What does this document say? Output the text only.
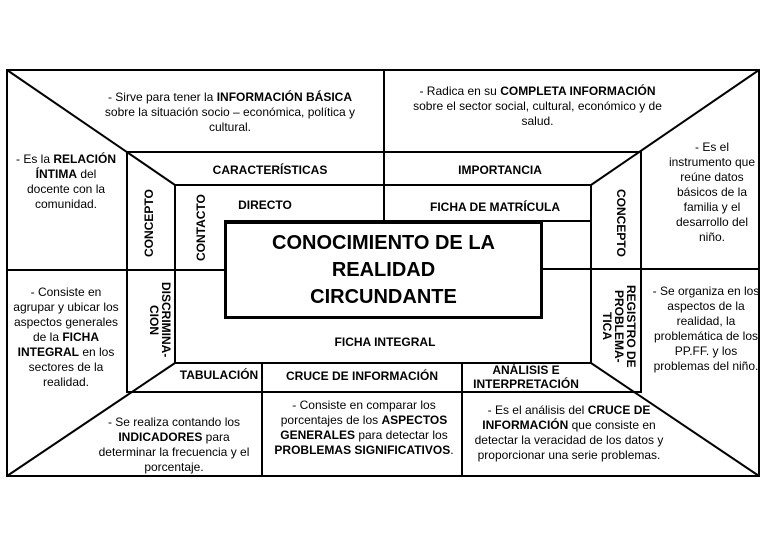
- Sirve para tener la INFORMACIÓN BÁSICA sobre la situación socio – económica, política y cultural.
- Radica en su COMPLETA INFORMACIÓN sobre el sector social, cultural, económico y de salud.
- Es la RELACIÓN ÍNTIMA del docente con la comunidad.
- Consiste en agrupar y ubicar los aspectos generales de la FICHA INTEGRAL en los sectores de la realidad.
- Es el instrumento que reúne datos básicos de la familia y el desarrollo del niño.
- Se organiza en los aspectos de la realidad, la problemática de los PP.FF. y los problemas del niño.
- Se realiza contando los INDICADORES para determinar la frecuencia y el porcentaje.
- Consiste en comparar los porcentajes de los ASPECTOS GENERALES para detectar los PROBLEMAS SIGNIFICATIVOS.
- Es el análisis del CRUCE DE INFORMACIÓN que consiste en detectar la veracidad de los datos y proporcionar una serie problemas.
CARACTERÍSTICAS	IMPORTANCIA
DIRECTO	FICHA DE MATRÍCULA
FICHA INTEGRAL
TABULACIÓN	CRUCE DE INFORMACIÓN	ANÁLISIS E
INTERPRETACIÓN
CONCEPTO	CONTACTO	CONCEPTO
DISCRIMINA-
CION	REGISTRO DE
PROBLEMA-
TICA
CONOCIMIENTO DE LA
REALIDAD
CIRCUNDANTE
